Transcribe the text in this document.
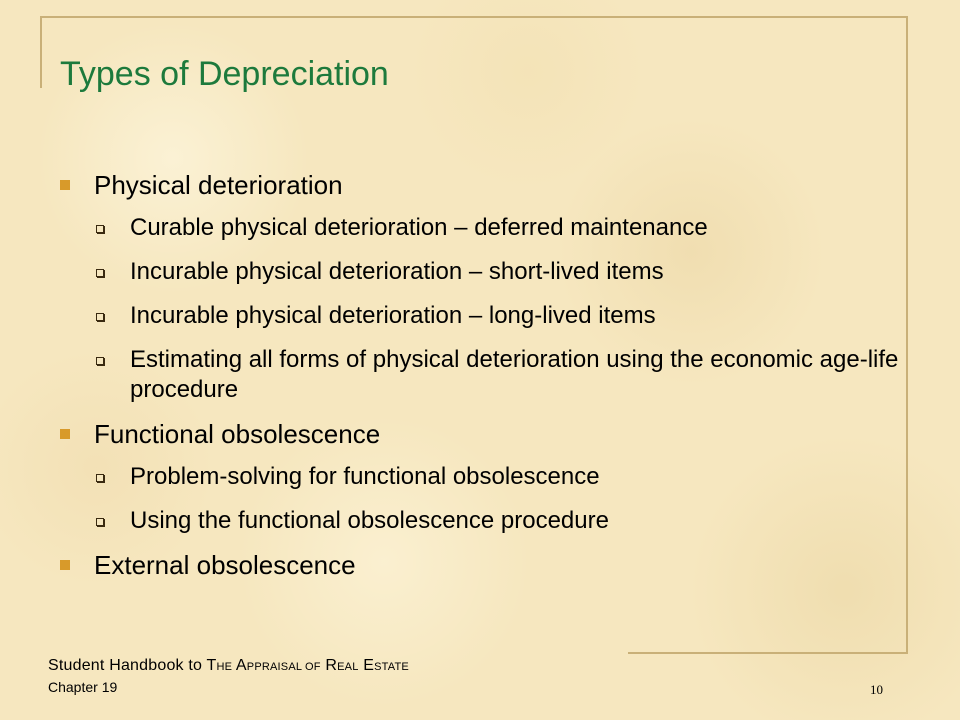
Types of Depreciation
Physical deterioration
Curable physical deterioration – deferred maintenance
Incurable physical deterioration – short-lived items
Incurable physical deterioration – long-lived items
Estimating all forms of physical deterioration using the economic age-life procedure
Functional obsolescence
Problem-solving for functional obsolescence
Using the functional obsolescence procedure
External obsolescence
Student Handbook to THE APPRAISAL OF REAL ESTATE
Chapter 19	10
